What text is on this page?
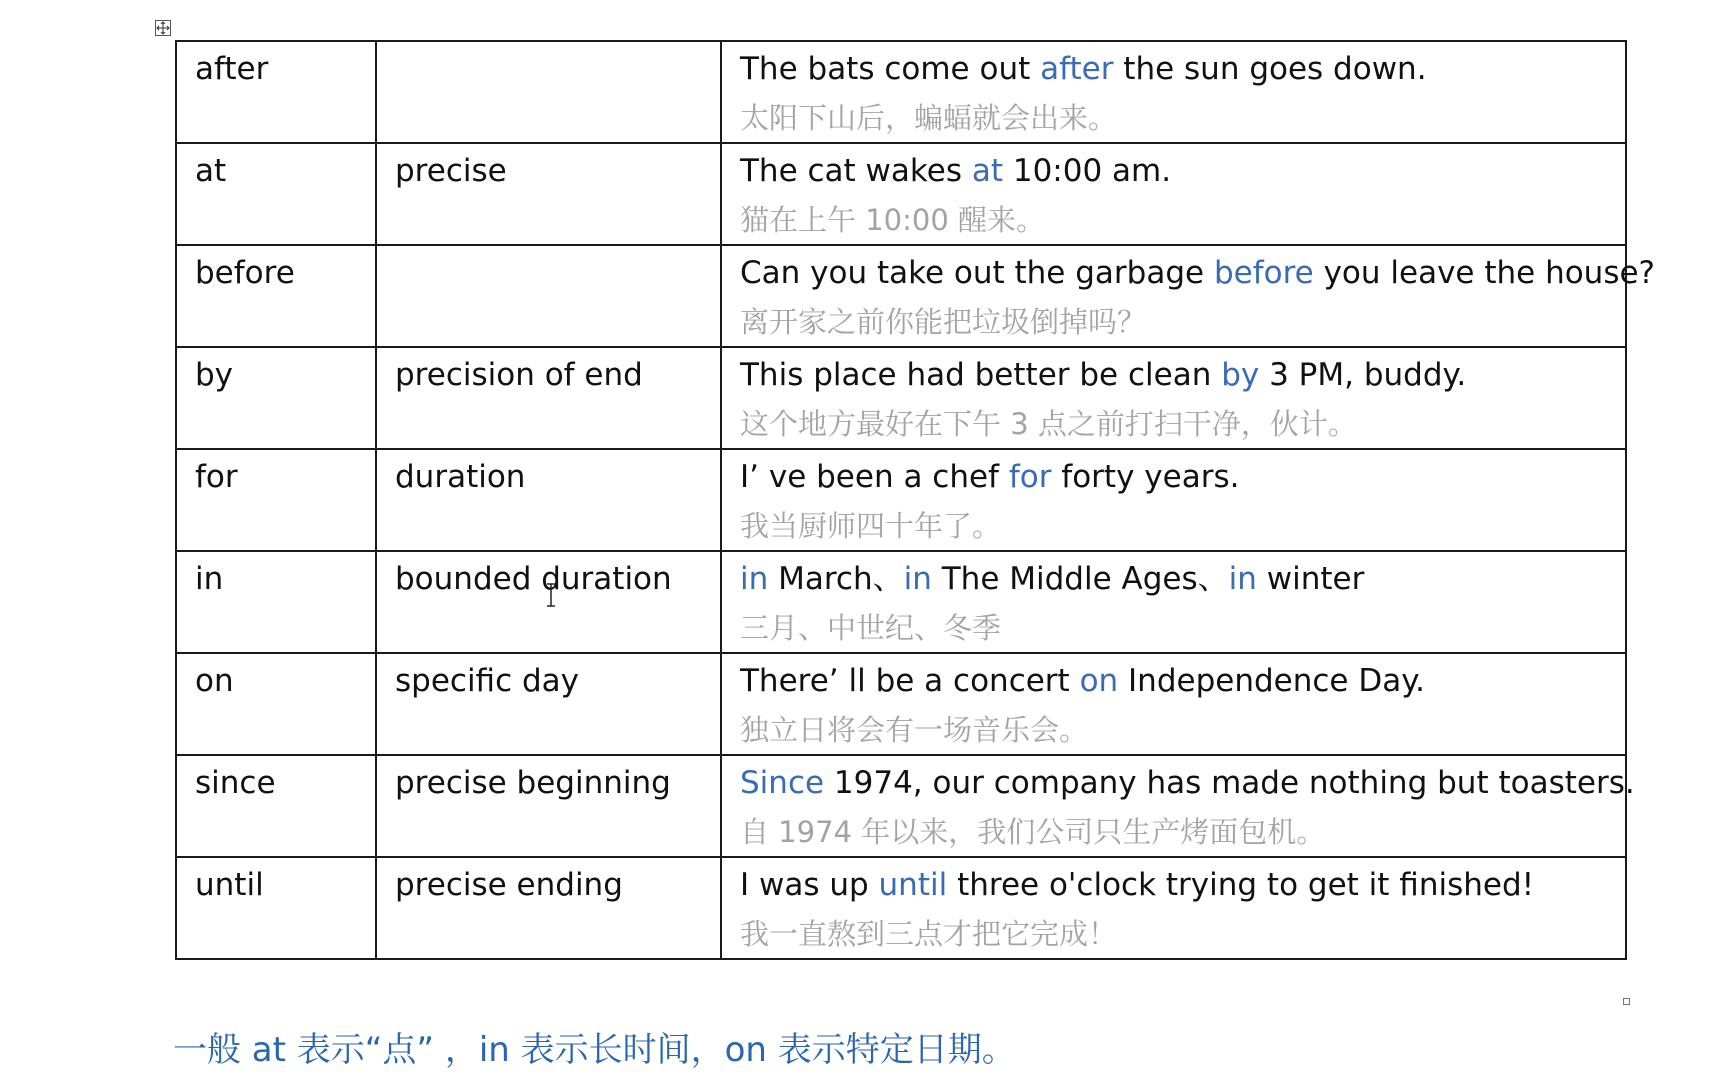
after		The bats come out after the sun goes down.
太阳下山后，蝙蝠就会出来。

at	precise	The cat wakes at 10:00 am.
猫在上午 10:00 醒来。

before		Can you take out the garbage before you leave the house?
离开家之前你能把垃圾倒掉吗？

by	precision of end	This place had better be clean by 3 PM, buddy.
这个地方最好在下午 3 点之前打扫干净，伙计。

for	duration	I’ ve been a chef for forty years.
我当厨师四十年了。

in	bounded duration	in March、in The Middle Ages、in winter
三月、中世纪、冬季

on	specific day	There’ ll be a concert on Independence Day.
独立日将会有一场音乐会。

since	precise beginning	Since 1974, our company has made nothing but toasters.
自 1974 年以来，我们公司只生产烤面包机。

until	precise ending	I was up until three o'clock trying to get it finished!
我一直熬到三点才把它完成！
一般 at 表示“点” ，in 表示长时间，on 表示特定日期。
